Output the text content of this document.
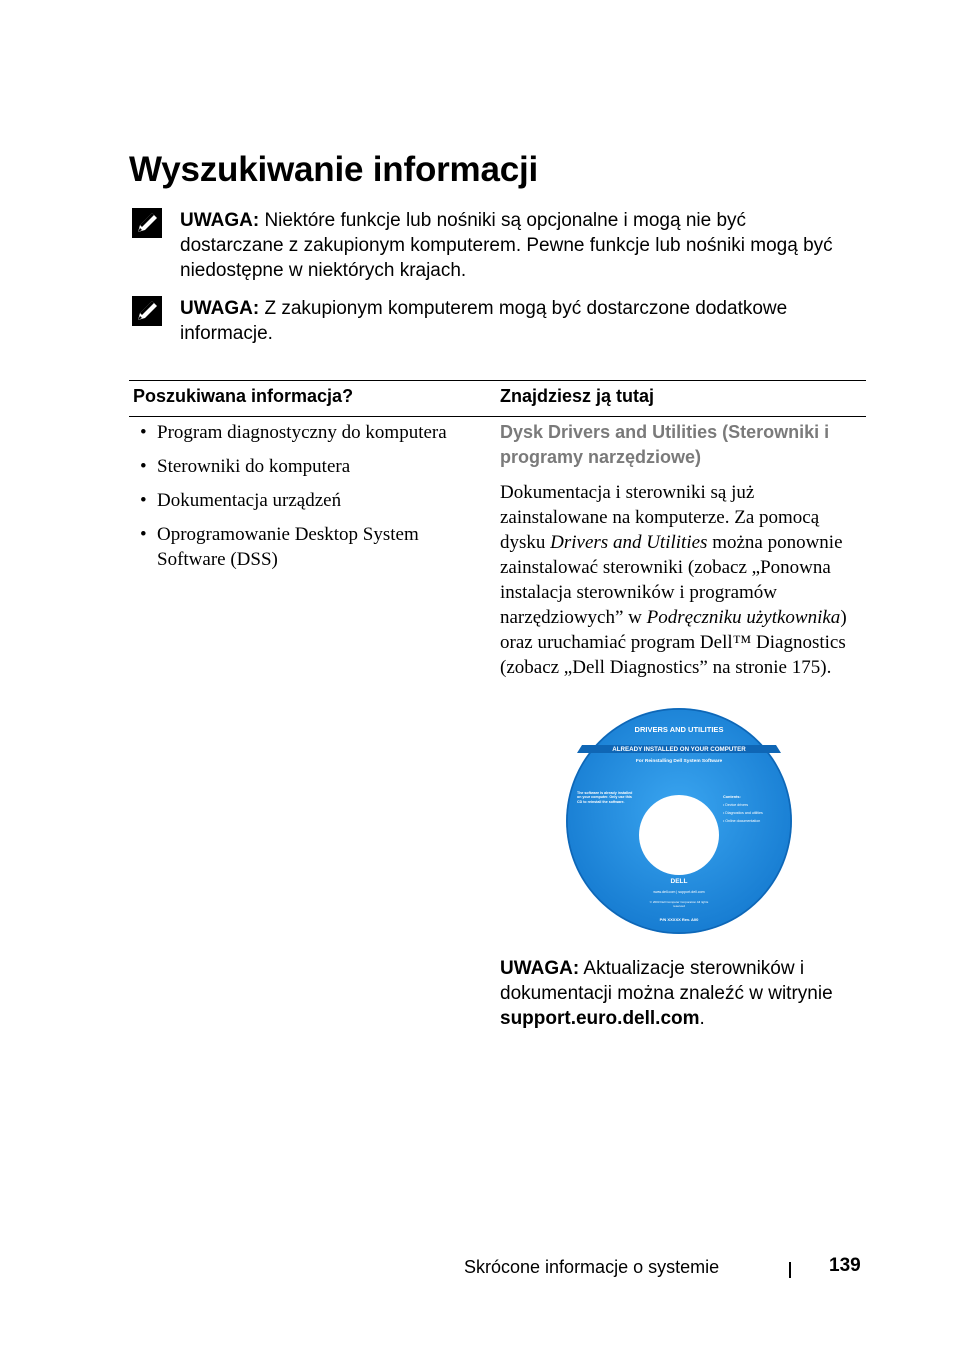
Wyszukiwanie informacji
UWAGA: Niektóre funkcje lub nośniki są opcjonalne i mogą nie być dostarczane z zakupionym komputerem. Pewne funkcje lub nośniki mogą być niedostępne w niektórych krajach.
UWAGA: Z zakupionym komputerem mogą być dostarczone dodatkowe informacje.
Poszukiwana informacja?	Znajdziesz ją tutaj
• Program diagnostyczny do komputera
• Sterowniki do komputera
• Dokumentacja urządzeń
• Oprogramowanie Desktop System Software (DSS)
Dysk Drivers and Utilities (Sterowniki i programy narzędziowe)
Dokumentacja i sterowniki są już zainstalowane na komputerze. Za pomocą dysku Drivers and Utilities można ponownie zainstalować sterowniki (zobacz „Ponowna instalacja sterowników i programów narzędziowych” w Podręczniku użytkownika) oraz uruchamiać program Dell™ Diagnostics (zobacz „Dell Diagnostics” na stronie 175).
DRIVERS AND UTILITIES
ALREADY INSTALLED ON YOUR COMPUTER
For Reinstalling Dell System Software
The software is already installed on your computer. Only use this CD to reinstall the software.
Contents:
• Device drivers
• Diagnostics and utilities
• Online documentation
DELL
www.dell.com | support.dell.com
© 2003 Dell Computer Corporation All rights reserved
P/N XXXXX Rev. A00
UWAGA: Aktualizacje sterowników i dokumentacji można znaleźć w witrynie support.euro.dell.com.
Skrócone informacje o systemie	139
